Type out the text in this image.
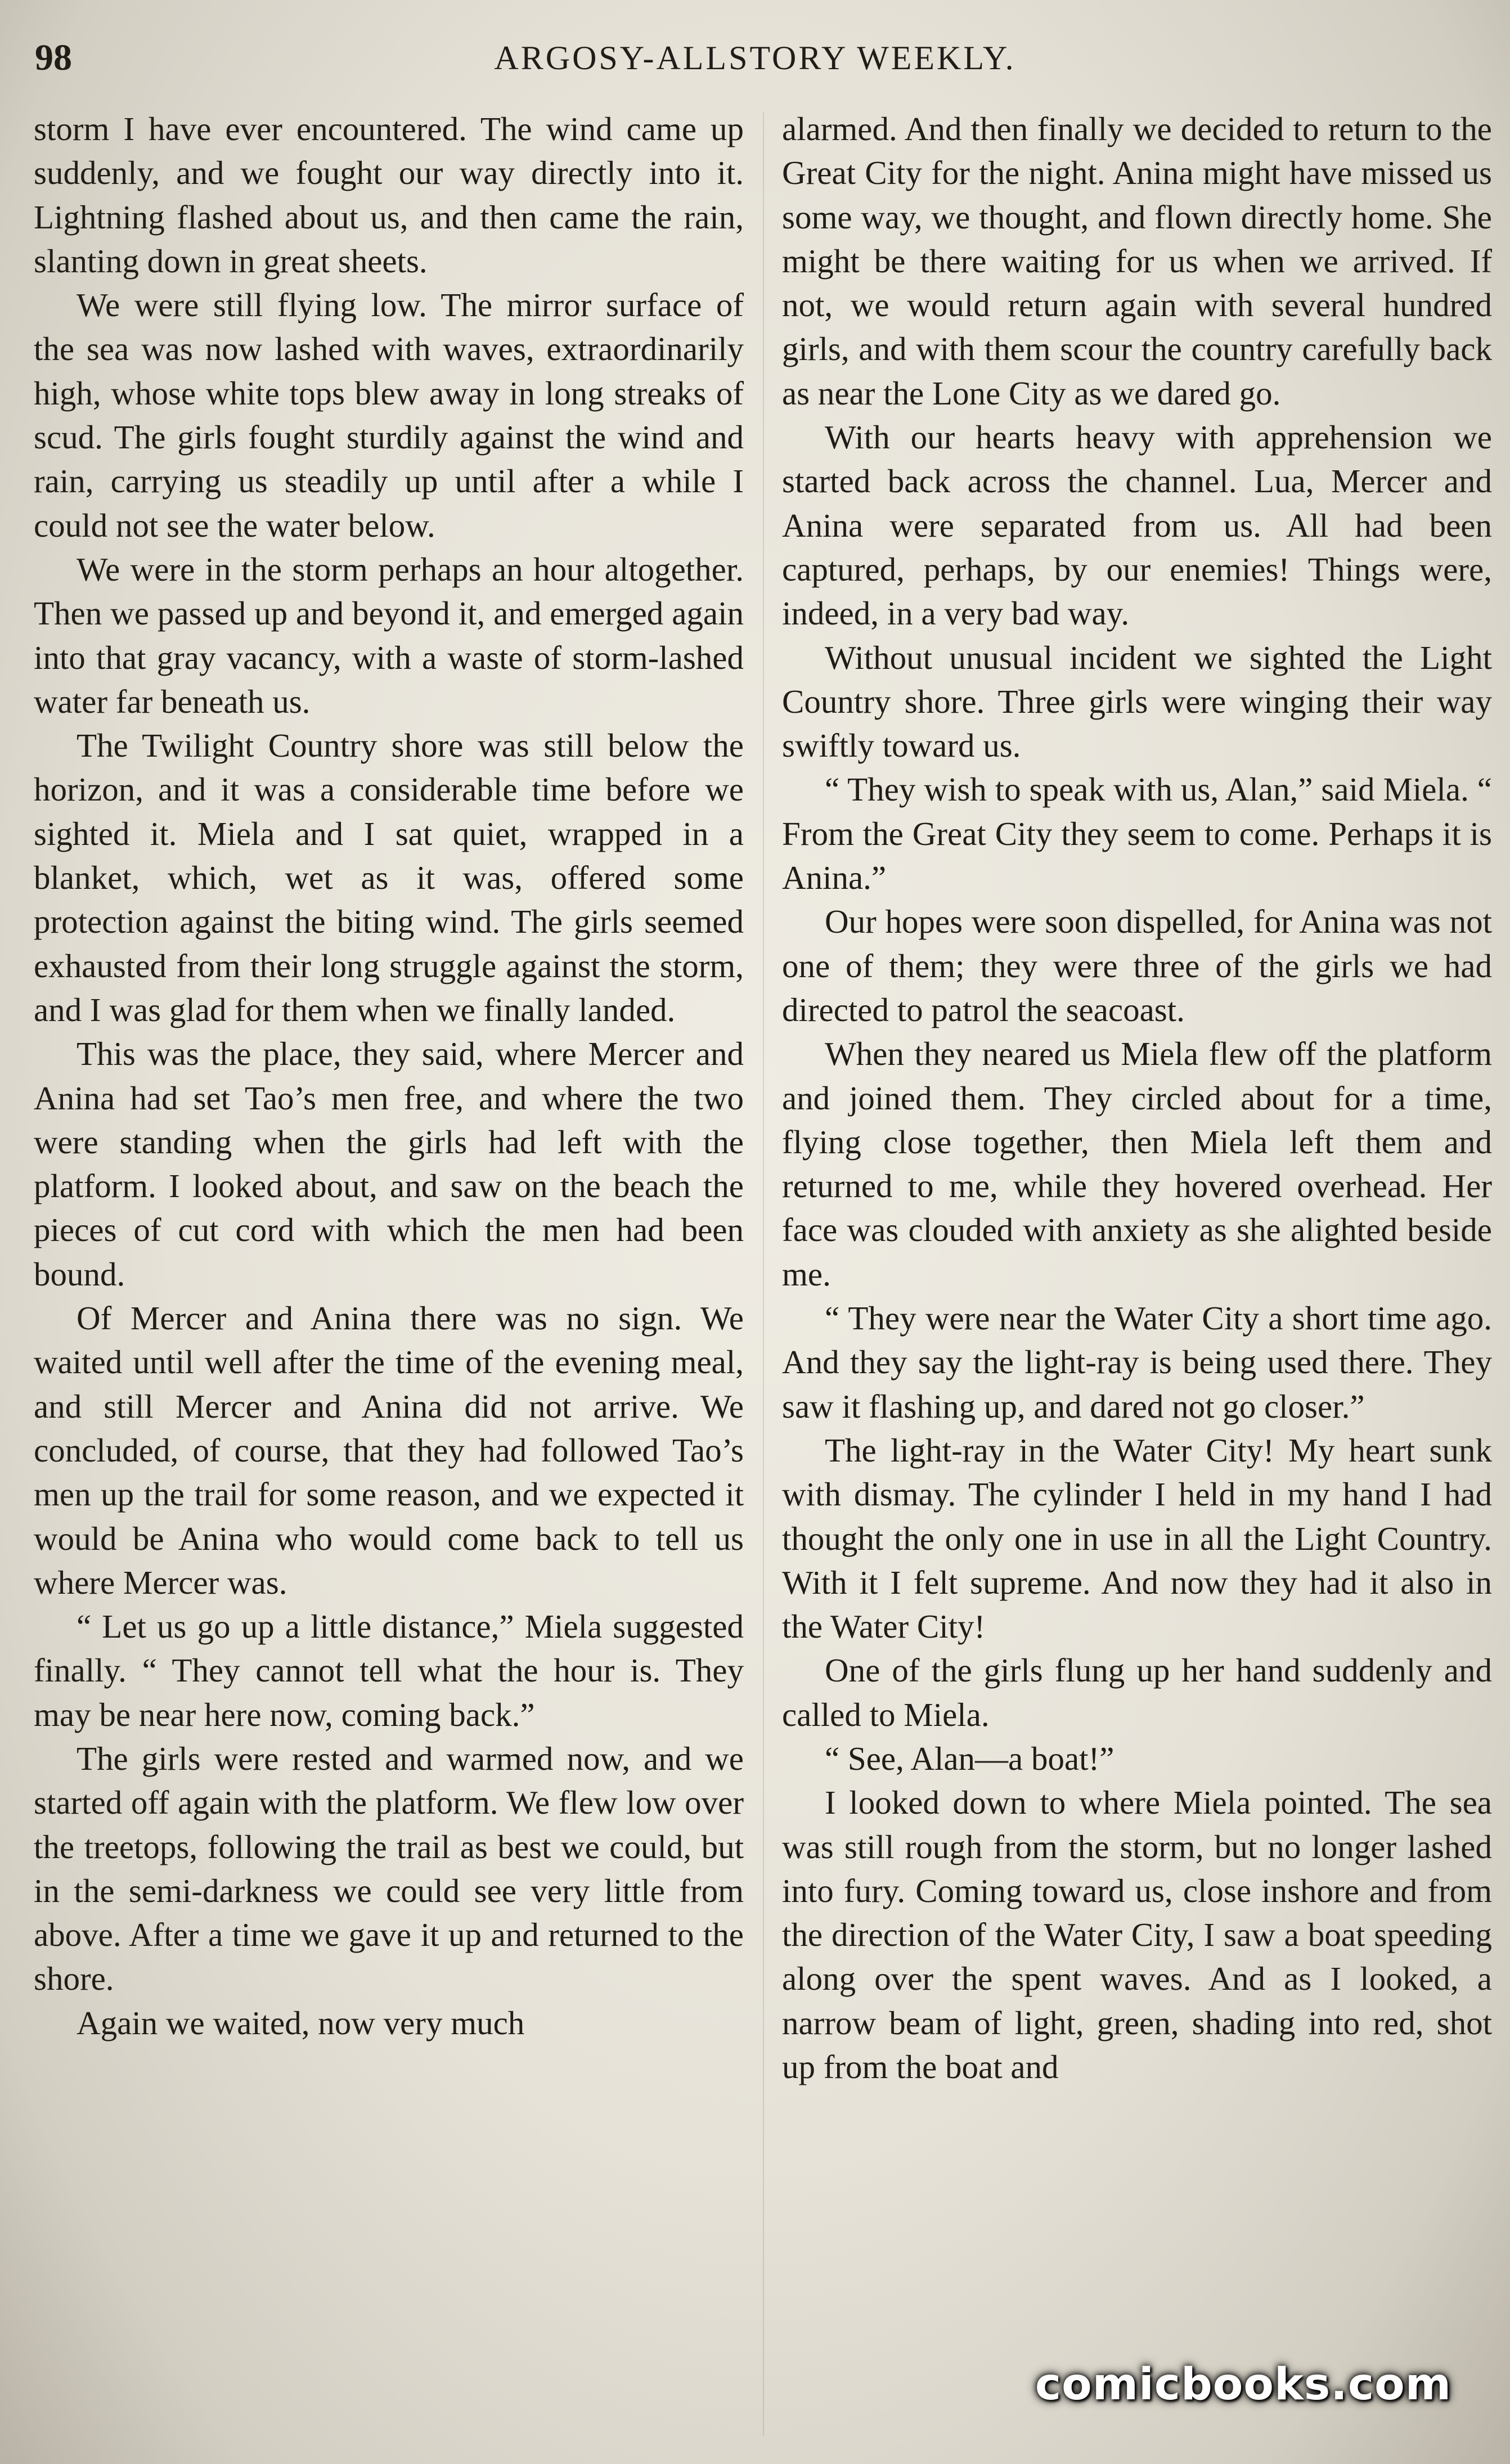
98	ARGOSY-ALLSTORY WEEKLY.

storm I have ever encountered. The wind came up suddenly, and we fought our way directly into it. Lightning flashed about us, and then came the rain, slanting down in great sheets.

We were still flying low. The mirror surface of the sea was now lashed with waves, extraordinarily high, whose white tops blew away in long streaks of scud. The girls fought sturdily against the wind and rain, carrying us steadily up until after a while I could not see the water below.

We were in the storm perhaps an hour altogether. Then we passed up and beyond it, and emerged again into that gray vacancy, with a waste of storm-lashed water far beneath us.

The Twilight Country shore was still below the horizon, and it was a considerable time before we sighted it. Miela and I sat quiet, wrapped in a blanket, which, wet as it was, offered some protection against the biting wind. The girls seemed exhausted from their long struggle against the storm, and I was glad for them when we finally landed.

This was the place, they said, where Mercer and Anina had set Tao’s men free, and where the two were standing when the girls had left with the platform. I looked about, and saw on the beach the pieces of cut cord with which the men had been bound.

Of Mercer and Anina there was no sign. We waited until well after the time of the evening meal, and still Mercer and Anina did not arrive. We concluded, of course, that they had followed Tao’s men up the trail for some reason, and we expected it would be Anina who would come back to tell us where Mercer was.

“ Let us go up a little distance,” Miela suggested finally. “ They cannot tell what the hour is. They may be near here now, coming back.”

The girls were rested and warmed now, and we started off again with the platform. We flew low over the treetops, following the trail as best we could, but in the semi-darkness we could see very little from above. After a time we gave it up and returned to the shore.

Again we waited, now very much

alarmed. And then finally we decided to return to the Great City for the night. Anina might have missed us some way, we thought, and flown directly home. She might be there waiting for us when we arrived. If not, we would return again with several hundred girls, and with them scour the country carefully back as near the Lone City as we dared go.

With our hearts heavy with apprehension we started back across the channel. Lua, Mercer and Anina were separated from us. All had been captured, perhaps, by our enemies! Things were, indeed, in a very bad way.

Without unusual incident we sighted the Light Country shore. Three girls were winging their way swiftly toward us.

“ They wish to speak with us, Alan,” said Miela. “ From the Great City they seem to come. Perhaps it is Anina.”

Our hopes were soon dispelled, for Anina was not one of them; they were three of the girls we had directed to patrol the seacoast.

When they neared us Miela flew off the platform and joined them. They circled about for a time, flying close together, then Miela left them and returned to me, while they hovered overhead. Her face was clouded with anxiety as she alighted beside me.

“ They were near the Water City a short time ago. And they say the light-ray is being used there. They saw it flashing up, and dared not go closer.”

The light-ray in the Water City! My heart sunk with dismay. The cylinder I held in my hand I had thought the only one in use in all the Light Country. With it I felt supreme. And now they had it also in the Water City!

One of the girls flung up her hand suddenly and called to Miela.

“ See, Alan—a boat!”

I looked down to where Miela pointed. The sea was still rough from the storm, but no longer lashed into fury. Coming toward us, close inshore and from the direction of the Water City, I saw a boat speeding along over the spent waves. And as I looked, a narrow beam of light, green, shading into red, shot up from the boat and

comicbooks.com
